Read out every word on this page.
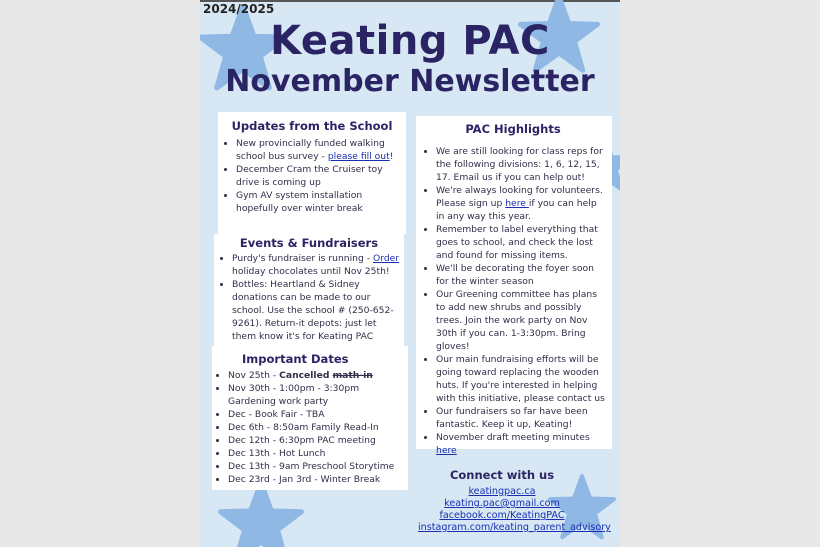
2024/2025
Keating PAC
November Newsletter
Updates from the School
• New provincially funded walking school bus survey - please fill out!
• December Cram the Cruiser toy drive is coming up
• Gym AV system installation hopefully over winter break
Events & Fundraisers
• Purdy's fundraiser is running - Order holiday chocolates until Nov 25th!
• Bottles: Heartland & Sidney donations can be made to our school. Use the school # (250-652-9261). Return-it depots: just let them know it's for Keating PAC
Important Dates
• Nov 25th - Cancelled math-in
• Nov 30th - 1:00pm - 3:30pm Gardening work party
• Dec - Book Fair - TBA
• Dec 6th - 8:50am Family Read-In
• Dec 12th - 6:30pm PAC meeting
• Dec 13th - Hot Lunch
• Dec 13th - 9am Preschool Storytime
• Dec 23rd - Jan 3rd - Winter Break
PAC Highlights
• We are still looking for class reps for the following divisions: 1, 6, 12, 15, 17. Email us if you can help out!
• We're always looking for volunteers. Please sign up here if you can help in any way this year.
• Remember to label everything that goes to school, and check the lost and found for missing items.
• We'll be decorating the foyer soon for the winter season
• Our Greening committee has plans to add new shrubs and possibly trees. Join the work party on Nov 30th if you can. 1-3:30pm. Bring gloves!
• Our main fundraising efforts will be going toward replacing the wooden huts. If you're interested in helping with this initiative, please contact us
• Our fundraisers so far have been fantastic. Keep it up, Keating!
• November draft meeting minutes here
Connect with us
keatingpac.ca
keating.pac@gmail.com
facebook.com/KeatingPAC
instagram.com/keating_parent_advisory
